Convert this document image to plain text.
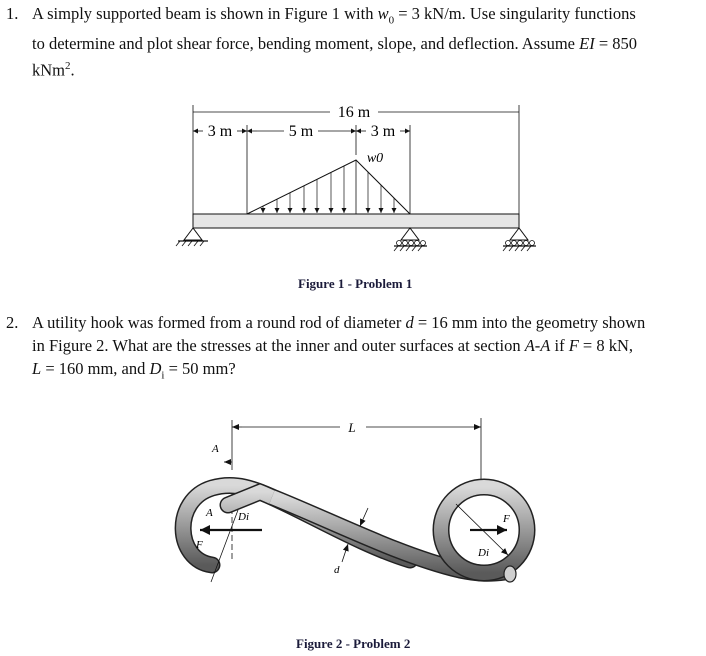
1. A simply supported beam is shown in Figure 1 with $w_0 = 3$ kN/m. Use singularity functions
to determine and plot shear force, bending moment, slope, and deflection. Assume EI = 850
kNm$^2$.
16 m
3 m	5 m	3 m
w0
Figure 1 - Problem 1
2. A utility hook was formed from a round rod of diameter d = 16 mm into the geometry shown
in Figure 2. What are the stresses at the inner and outer surfaces at section A-A if F = 8 kN,
L = 160 mm, and $D_i = 50$ mm?
L
A
A Di
F
d
F
Di
Figure 2 - Problem 2
